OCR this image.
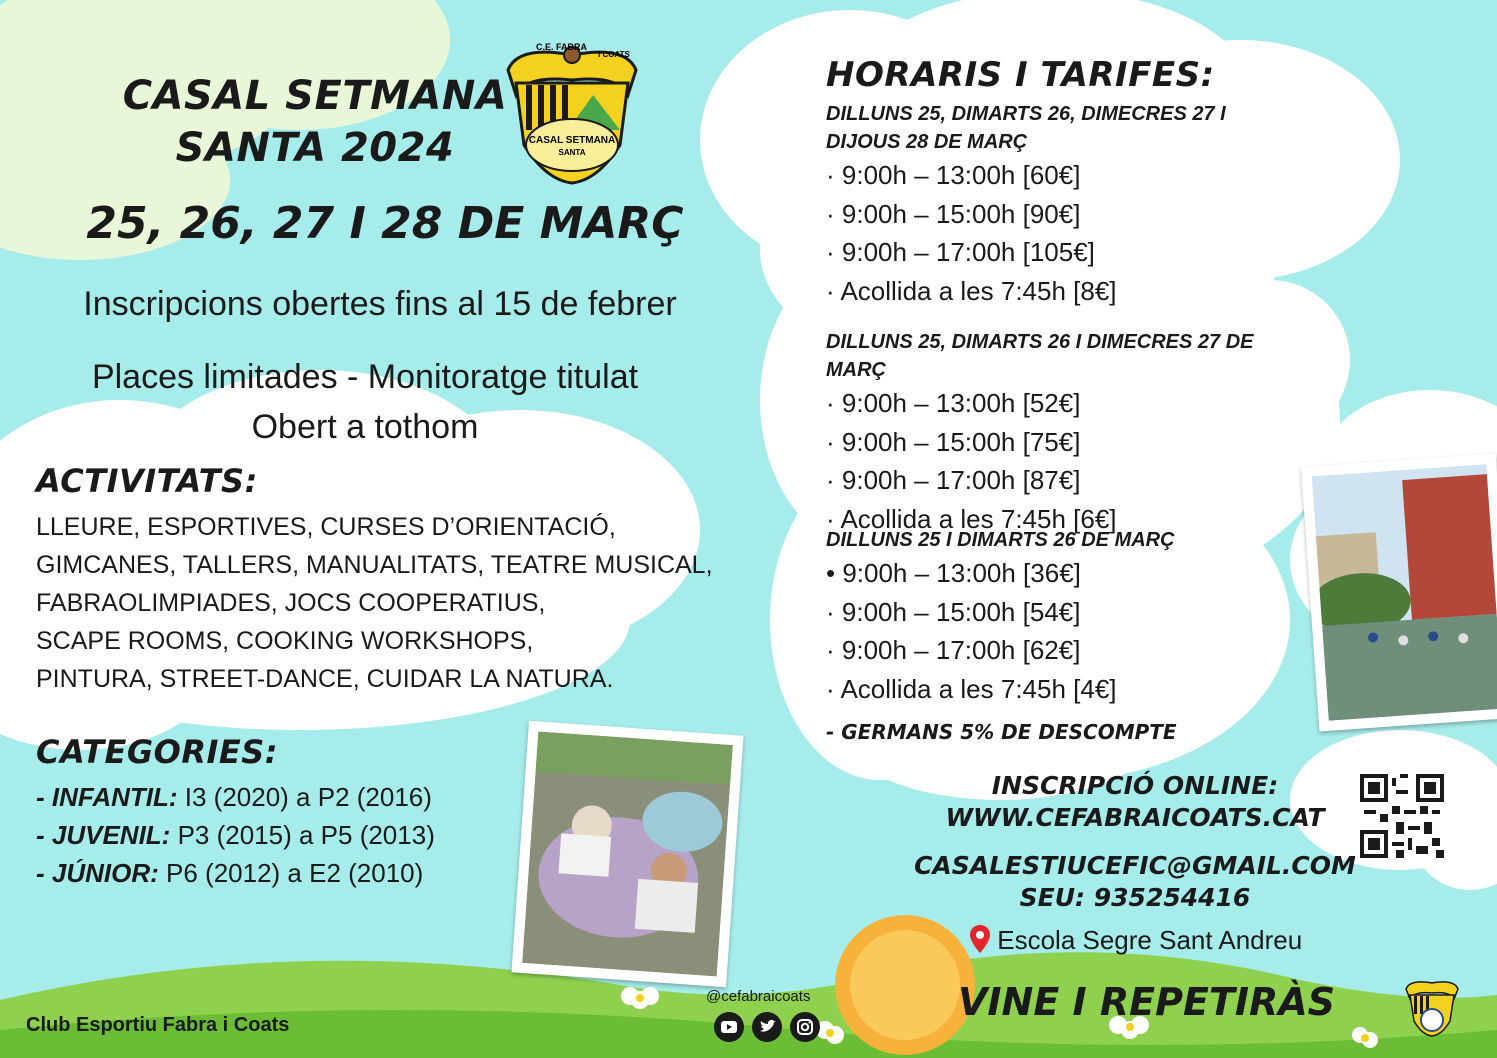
C.E. FABRA
I COATS
CASAL SETMANA
SANTA
CASAL SETMANA
SANTA 2024
25, 26, 27 I 28 DE MARÇ
Inscripcions obertes fins al 15 de febrer
Places limitades - Monitoratge titulat
Obert a tothom
ACTIVITATS:
LLEURE, ESPORTIVES, CURSES D’ORIENTACIÓ,
GIMCANES, TALLERS, MANUALITATS, TEATRE MUSICAL,
FABRAOLIMPIADES, JOCS COOPERATIUS,
SCAPE ROOMS, COOKING WORKSHOPS,
PINTURA, STREET-DANCE, CUIDAR LA NATURA.
CATEGORIES:
- INFANTIL: I3 (2020) a P2 (2016)
- JUVENIL: P3 (2015) a P5 (2013)
- JÚNIOR: P6 (2012) a E2 (2010)
HORARIS I TARIFES:
DILLUNS 25, DIMARTS 26, DIMECRES 27 I
DIJOUS 28 DE MARÇ
· 9:00h – 13:00h [60€]
· 9:00h – 15:00h [90€]
· 9:00h – 17:00h [105€]
· Acollida a les 7:45h [8€]
DILLUNS 25, DIMARTS 26 I DIMECRES 27 DE MARÇ
· 9:00h – 13:00h [52€]
· 9:00h – 15:00h [75€]
· 9:00h – 17:00h [87€]
· Acollida a les 7:45h [6€]
DILLUNS 25 I DIMARTS 26 DE MARÇ
• 9:00h – 13:00h [36€]
· 9:00h – 15:00h [54€]
· 9:00h – 17:00h [62€]
· Acollida a les 7:45h [4€]
- GERMANS 5% DE DESCOMPTE
INSCRIPCIÓ ONLINE:
WWW.CEFABRAICOATS.CAT
CASALESTIUCEFIC@GMAIL.COM
SEU: 935254416
Escola Segre Sant Andreu
VINE I REPETIRÀS
Club Esportiu Fabra i Coats
@cefabraicoats
